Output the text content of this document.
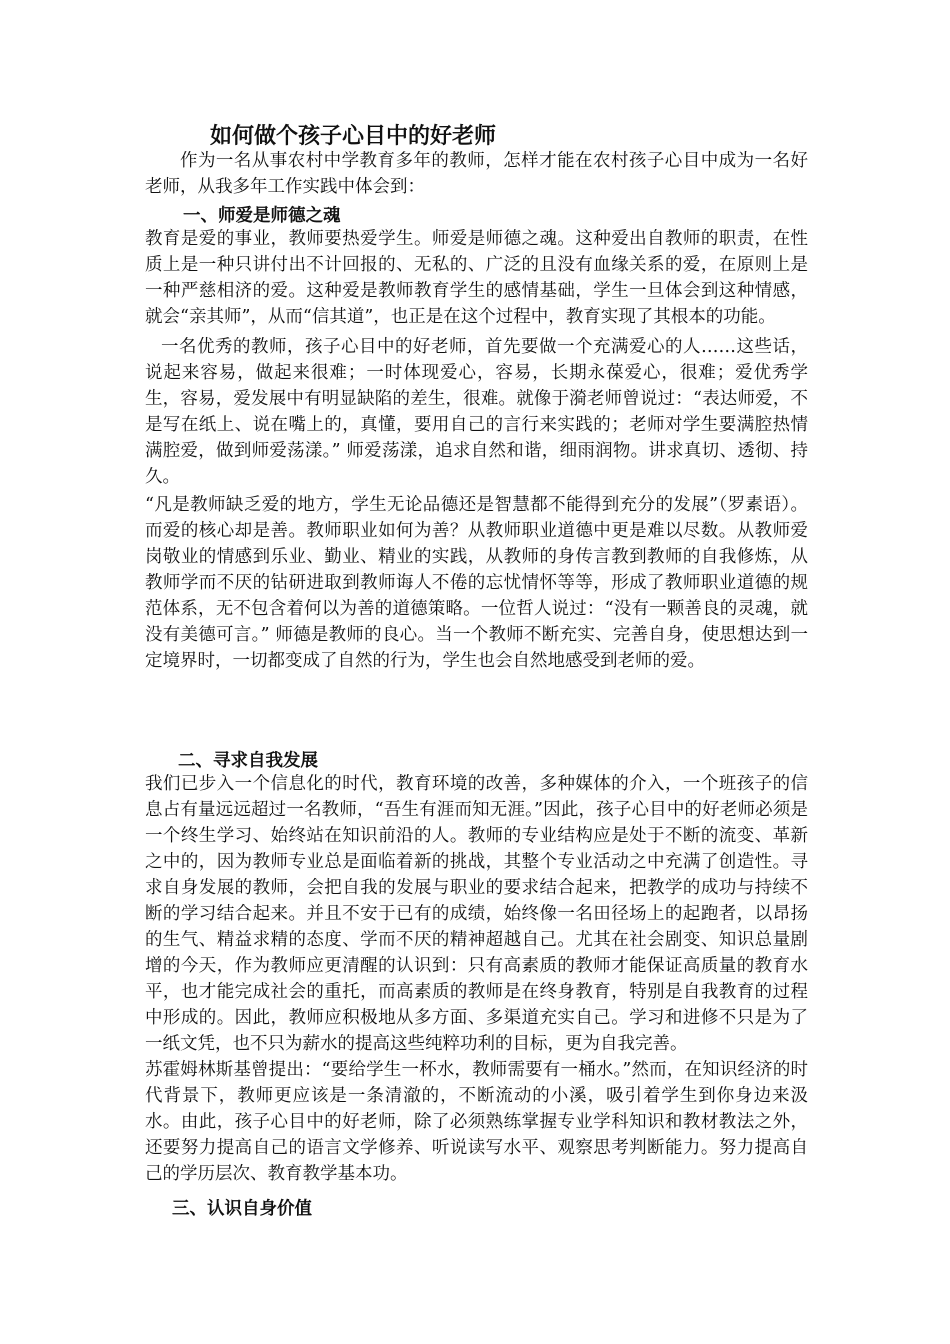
如何做个孩子心目中的好老师

作为一名从事农村中学教育多年的教师，怎样才能在农村孩子心目中成为一名好老师，从我多年工作实践中体会到：

一、师爱是师德之魂

教育是爱的事业，教师要热爱学生。师爱是师德之魂。这种爱出自教师的职责，在性质上是一种只讲付出不计回报的、无私的、广泛的且没有血缘关系的爱，在原则上是一种严慈相济的爱。这种爱是教师教育学生的感情基础，学生一旦体会到这种情感，就会“亲其师”，从而“信其道”，也正是在这个过程中，教育实现了其根本的功能。

一名优秀的教师，孩子心目中的好老师，首先要做一个充满爱心的人……这些话，说起来容易，做起来很难；一时体现爱心，容易，长期永葆爱心，很难；爱优秀学生，容易，爱发展中有明显缺陷的差生，很难。就像于漪老师曾说过：“表达师爱，不是写在纸上、说在嘴上的，真懂，要用自己的言行来实践的；老师对学生要满腔热情满腔爱，做到师爱荡漾。” 师爱荡漾，追求自然和谐，细雨润物。讲求真切、透彻、持久。

“凡是教师缺乏爱的地方，学生无论品德还是智慧都不能得到充分的发展”（罗素语）。而爱的核心却是善。教师职业如何为善？从教师职业道德中更是难以尽数。从教师爱岗敬业的情感到乐业、勤业、精业的实践，从教师的身传言教到教师的自我修炼，从教师学而不厌的钻研进取到教师诲人不倦的忘忧情怀等等，形成了教师职业道德的规范体系，无不包含着何以为善的道德策略。一位哲人说过：“没有一颗善良的灵魂，就没有美德可言。” 师德是教师的良心。当一个教师不断充实、完善自身，使思想达到一定境界时，一切都变成了自然的行为，学生也会自然地感受到老师的爱。

二、寻求自我发展

我们已步入一个信息化的时代，教育环境的改善，多种媒体的介入，一个班孩子的信息占有量远远超过一名教师，“吾生有涯而知无涯。”因此，孩子心目中的好老师必须是一个终生学习、始终站在知识前沿的人。教师的专业结构应是处于不断的流变、革新之中的，因为教师专业总是面临着新的挑战，其整个专业活动之中充满了创造性。寻求自身发展的教师，会把自我的发展与职业的要求结合起来，把教学的成功与持续不断的学习结合起来。并且不安于已有的成绩，始终像一名田径场上的起跑者，以昂扬的生气、精益求精的态度、学而不厌的精神超越自己。尤其在社会剧变、知识总量剧增的今天，作为教师应更清醒的认识到：只有高素质的教师才能保证高质量的教育水平，也才能完成社会的重托，而高素质的教师是在终身教育，特别是自我教育的过程中形成的。因此，教师应积极地从多方面、多渠道充实自己。学习和进修不只是为了一纸文凭，也不只为薪水的提高这些纯粹功利的目标，更为自我完善。

苏霍姆林斯基曾提出：“要给学生一杯水，教师需要有一桶水。”然而，在知识经济的时代背景下，教师更应该是一条清澈的，不断流动的小溪，吸引着学生到你身边来汲水。由此，孩子心目中的好老师，除了必须熟练掌握专业学科知识和教材教法之外，还要努力提高自己的语言文学修养、听说读写水平、观察思考判断能力。努力提高自己的学历层次、教育教学基本功。

三、认识自身价值
